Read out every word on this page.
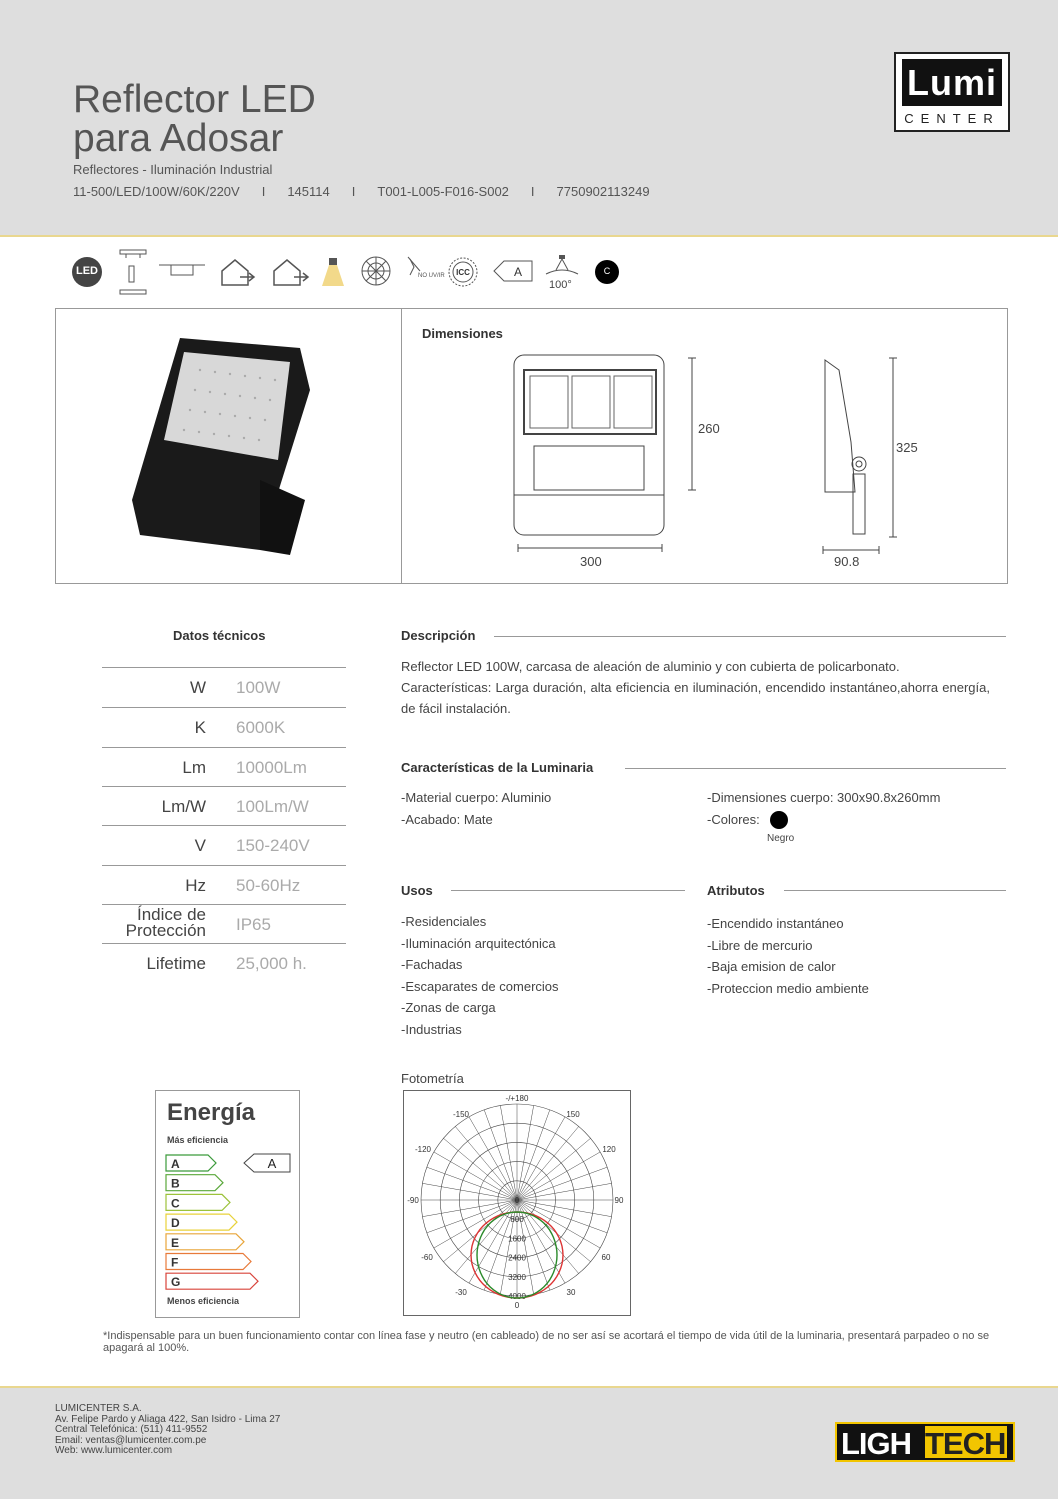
Reflector LED
para Adosar
Reflectores - Iluminación Industrial
11-500/LED/100W/60K/220V I 145114 I T001-L005-F016-S002 I 7750902113249
Lumi
CENTER
LED	NO UV/IR ICC	A
100°
C
Dimensiones
260
300
325
90.8
Datos técnicos
W 100W
K 6000K
Lm 10000Lm
Lm/W 100Lm/W
V 150-240V
Hz 50-60Hz
Índice de Protección IP65
Lifetime 25,000 h.
Descripción
Reflector LED 100W, carcasa de aleación de aluminio y con cubierta de policarbonato.
Características: Larga duración, alta eficiencia en iluminación, encendido instantáneo,ahorra energía, de fácil instalación.
Características de la Luminaria
-Material cuerpo: Aluminio
-Acabado: Mate
-Dimensiones cuerpo: 300x90.8x260mm
-Colores:
Negro
Usos
-Residenciales
-Iluminación arquitectónica
-Fachadas
-Escaparates de comercios
-Zonas de carga
-Industrias
Atributos
-Encendido instantáneo
-Libre de mercurio
-Baja emision de calor
-Proteccion medio ambiente
Energía
Más eficiencia
A
B
C
D
E
F
G
A
Menos eficiencia
Fotometría
-/+180
-150	150
-120	120
-90	90
-60	60
-30	30
0
0
800
1600
2400
3200
4000
*Indispensable para un buen funcionamiento contar con línea fase y neutro (en cableado) de no ser así se acortará el tiempo de vida útil de la luminaria, presentará parpadeo o no se apagará al 100%.
LUMICENTER S.A.
Av. Felipe Pardo y Aliaga 422, San Isidro - Lima 27
Central Telefónica: (511) 411-9552
Email: ventas@lumicenter.com.pe
Web: www.lumicenter.com	LIGH TECH
